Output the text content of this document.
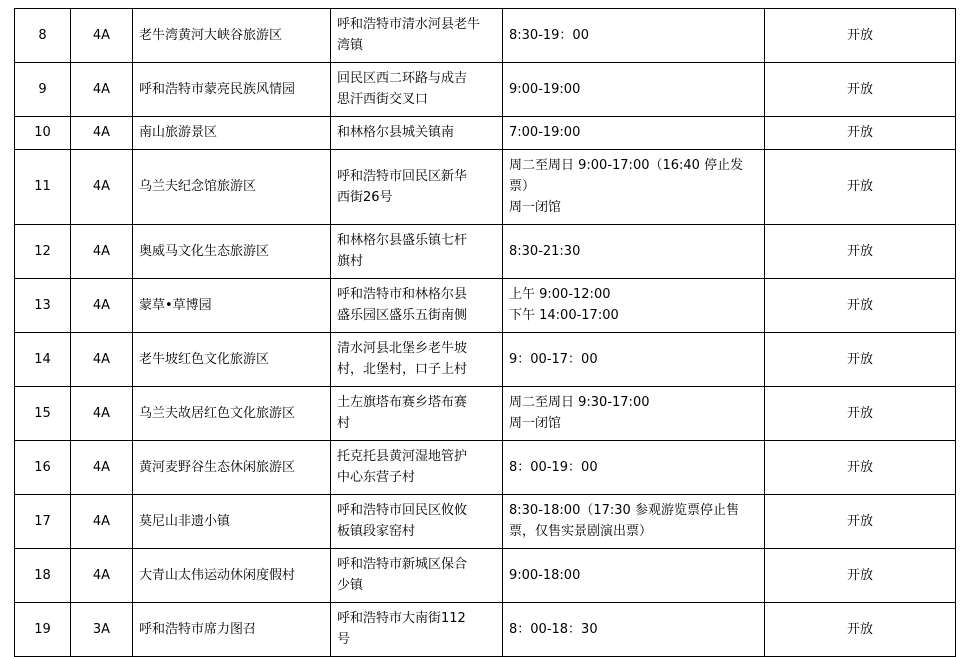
8	4A	老牛湾黄河大峡谷旅游区	呼和浩特市清水河县老牛
湾镇	8:30-19：00	开放
9	4A	呼和浩特市蒙亮民族风情园	回民区西二环路与成吉
思汗西街交叉口	9:00-19:00	开放
10	4A	南山旅游景区	和林格尔县城关镇南	7:00-19:00	开放
11	4A	乌兰夫纪念馆旅游区	呼和浩特市回民区新华
西街26号	周二至周日 9:00-17:00（16:40 停止发
票）
周一闭馆	开放
12	4A	奥威马文化生态旅游区	和林格尔县盛乐镇七杆
旗村	8:30-21:30	开放
13	4A	蒙草•草博园	呼和浩特市和林格尔县
盛乐园区盛乐五街南侧	上午 9:00-12:00
下午 14:00-17:00	开放
14	4A	老牛坡红色文化旅游区	清水河县北堡乡老牛坡
村，北堡村，口子上村	9：00-17：00	开放
15	4A	乌兰夫故居红色文化旅游区	土左旗塔布赛乡塔布赛
村	周二至周日 9:30-17:00
周一闭馆	开放
16	4A	黄河麦野谷生态休闲旅游区	托克托县黄河湿地管护
中心东营子村	8：00-19：00	开放
17	4A	莫尼山非遗小镇	呼和浩特市回民区攸攸
板镇段家窑村	8:30-18:00（17:30 参观游览票停止售
票，仅售实景剧演出票）	开放
18	4A	大青山太伟运动休闲度假村	呼和浩特市新城区保合
少镇	9:00-18:00	开放
19	3A	呼和浩特市席力图召	呼和浩特市大南街112
号	8：00-18：30	开放
